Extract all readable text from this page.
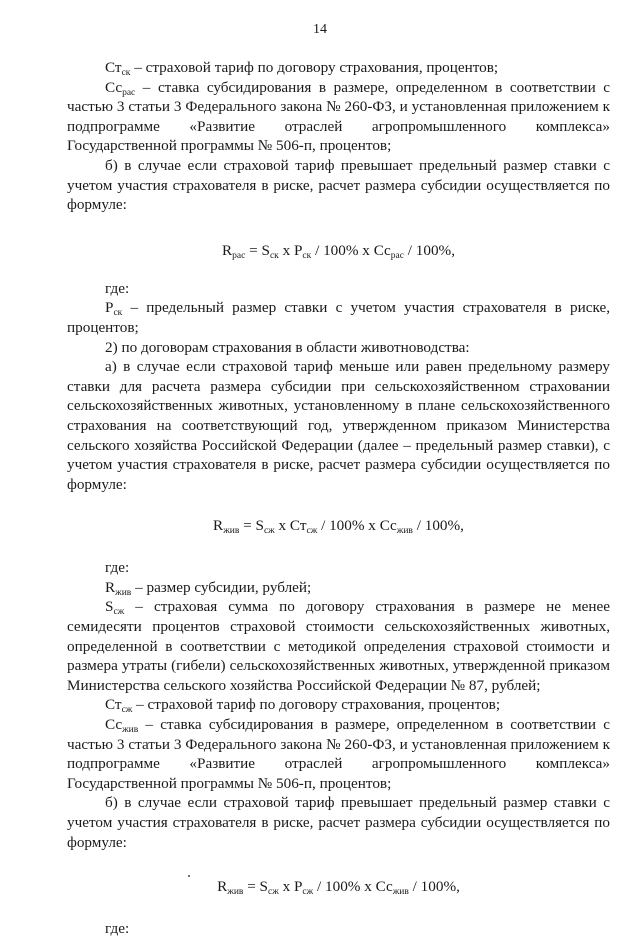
14

$Ст_{ск}$ – страховой тариф по договору страхования, процентов;

$Сс_{рас}$ – ставка субсидирования в размере, определенном в соответствии с частью 3 статьи 3 Федерального закона № 260-ФЗ, и установленная приложением к подпрограмме «Развитие отраслей агропромышленного комплекса» Государственной программы № 506-п, процентов;

б) в случае если страховой тариф превышает предельный размер ставки с учетом участия страхователя в риске, расчет размера субсидии осуществляется по формуле:

$R_{рас} = S_{ск}$ x $Р_{ск} / 100\%$ x $Сс_{рас} / 100\%$,

где:

$Р_{ск}$ – предельный размер ставки с учетом участия страхователя в риске, процентов;

2) по договорам страхования в области животноводства:

а) в случае если страховой тариф меньше или равен предельному размеру ставки для расчета размера субсидии при сельскохозяйственном страховании сельскохозяйственных животных, установленному в плане сельскохозяйственного страхования на соответствующий год, утвержденном приказом Министерства сельского хозяйства Российской Федерации (далее – предельный размер ставки), с учетом участия страхователя в риске, расчет размера субсидии осуществляется по формуле:

$R_{жив} = S_{сж}$ x $Ст_{сж} / 100\%$ x $Сс_{жив} / 100\%$,

где:

$R_{жив}$ – размер субсидии, рублей;

$S_{сж}$ – страховая сумма по договору страхования в размере не менее семидесяти процентов страховой стоимости сельскохозяйственных животных, определенной в соответствии с методикой определения страховой стоимости и размера утраты (гибели) сельскохозяйственных животных, утвержденной приказом Министерства сельского хозяйства Российской Федерации № 87, рублей;

$Ст_{сж}$ – страховой тариф по договору страхования, процентов;

$Сс_{жив}$ – ставка субсидирования в размере, определенном в соответствии с частью 3 статьи 3 Федерального закона № 260-ФЗ, и установленная приложением к подпрограмме «Развитие отраслей агропромышленного комплекса» Государственной программы № 506-п, процентов;

б) в случае если страховой тариф превышает предельный размер ставки с учетом участия страхователя в риске, расчет размера субсидии осуществляется по формуле:

$R_{жив} = S_{сж}$ x $Р_{сж} / 100\%$ x $Сс_{жив} / 100\%$,

где:
